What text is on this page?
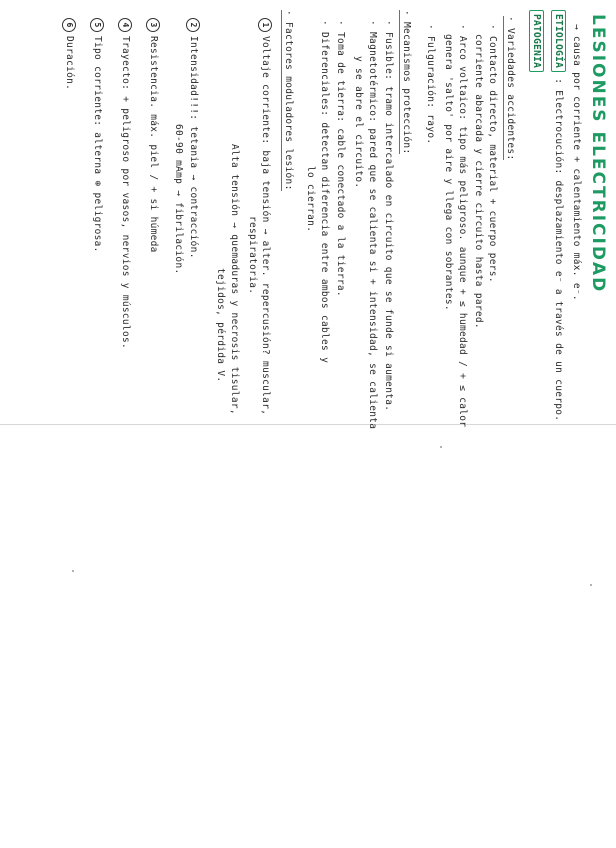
LESIONES ELECTRICIDAD
→ causa por corriente + calentamiento máx. e⁻.
ETIOLOGÍA : Electrocución: desplazamiento e⁻ a través de un cuerpo.
PATOGENIA
· Variedades accidentes:
· Contacto directo, material + cuerpo pers.
corriente abarcada y cierre circuito hasta pared.
· Arco voltaico: tipo más peligroso. aunque + ≤ humedad / + ≤ calor
genera 'salto' por aire y llega con sobrantes.
· Fulguración: rayo.
· Mecanismos protección:
· Fusible: tramo intercalado en circuito que se funde si aumenta.
· Magnetotérmico: pared que se calienta si + intensidad, se calienta
y se abre el circuito.
· Toma de tierra: cable conectado a la tierra.
· Diferenciales: detectan diferencia entre ambos cables y
lo cierran.
· Factores moduladores lesión:
1Voltaje corriente: baja tensión → alter. repercusión? muscular,
respiratoria.
Alta tensión → quemaduras y necrosis tisular,
tejidos, pérdida V.
2Intensidad!!!: tetania → contracción.
60-90 mAmp → fibrilación.
3Resistencia. máx. piel / + si húmeda
4Trayecto: + peligroso por vasos, nervios y músculos.
5Tipo corriente: alterna ⊕ peligrosa.
6Duración.
